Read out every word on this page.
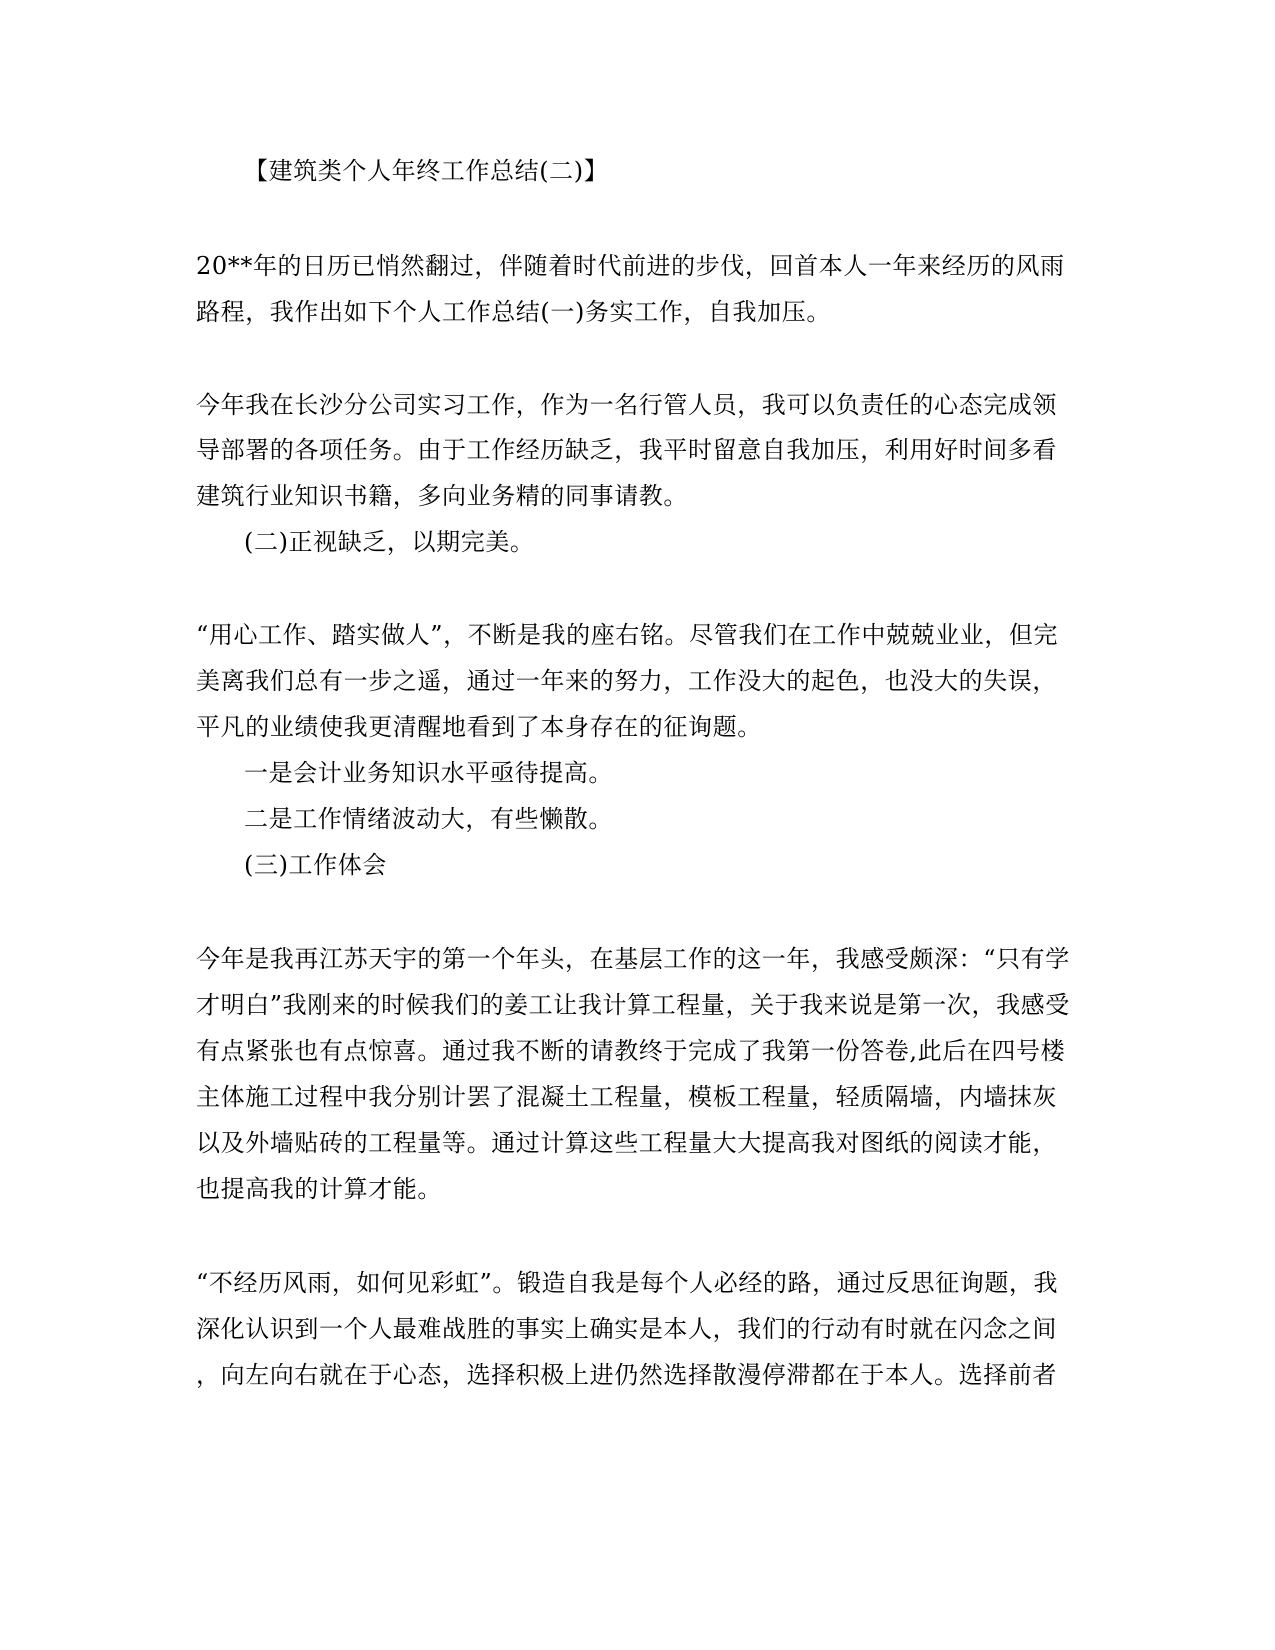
【建筑类个人年终工作总结(二)】
20**年的日历已悄然翻过，伴随着时代前进的步伐，回首本人一年来经历的风雨
路程，我作出如下个人工作总结(一)务实工作，自我加压。
今年我在长沙分公司实习工作，作为一名行管人员，我可以负责任的心态完成领
导部署的各项任务。由于工作经历缺乏，我平时留意自我加压，利用好时间多看
建筑行业知识书籍，多向业务精的同事请教。
(二)正视缺乏，以期完美。
“用心工作、踏实做人”，不断是我的座右铭。尽管我们在工作中兢兢业业，但完
美离我们总有一步之遥，通过一年来的努力，工作没大的起色，也没大的失误，
平凡的业绩使我更清醒地看到了本身存在的征询题。
一是会计业务知识水平亟待提高。
二是工作情绪波动大，有些懒散。
(三)工作体会
今年是我再江苏天宇的第一个年头，在基层工作的这一年，我感受颇深：“只有学
才明白”我刚来的时候我们的姜工让我计算工程量，关于我来说是第一次，我感受
有点紧张也有点惊喜。通过我不断的请教终于完成了我第一份答卷,此后在四号楼
主体施工过程中我分别计罢了混凝土工程量，模板工程量，轻质隔墙，内墙抹灰
以及外墙贴砖的工程量等。通过计算这些工程量大大提高我对图纸的阅读才能，
也提高我的计算才能。
“不经历风雨，如何见彩虹”。锻造自我是每个人必经的路，通过反思征询题，我
深化认识到一个人最难战胜的事实上确实是本人，我们的行动有时就在闪念之间
，向左向右就在于心态，选择积极上进仍然选择散漫停滞都在于本人。选择前者
